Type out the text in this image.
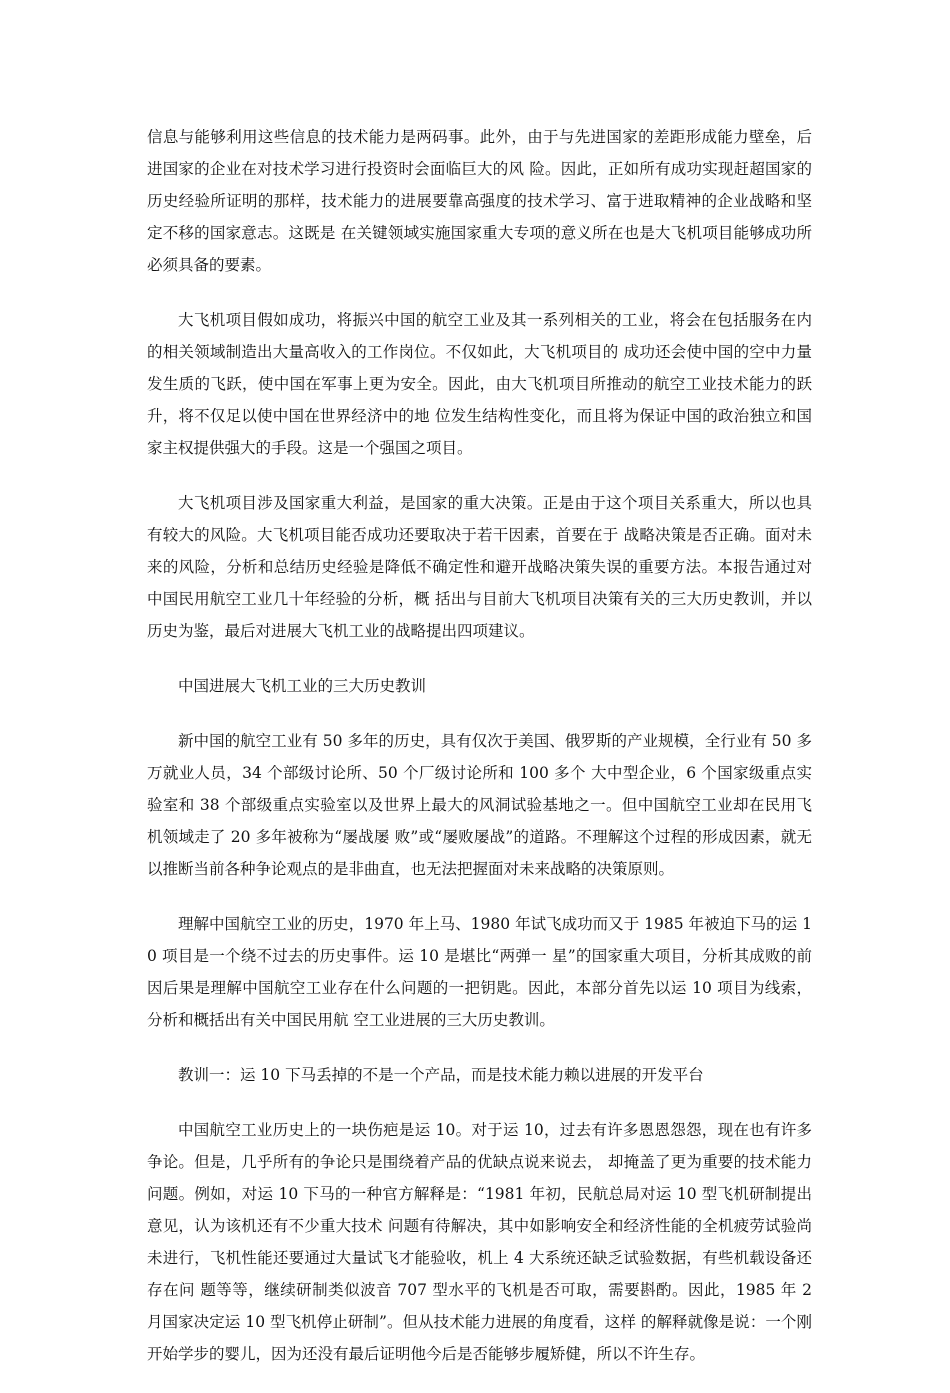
信息与能够利用这些信息的技术能力是两码事。此外，由于与先进国家的差距形成能力壁垒，后进国家的企业在对技术学习进行投资时会面临巨大的风 险。因此，正如所有成功实现赶超国家的历史经验所证明的那样，技术能力的进展要靠高强度的技术学习、富于进取精神的企业战略和坚定不移的国家意志。这既是 在关键领域实施国家重大专项的意义所在也是大飞机项目能够成功所必须具备的要素。

大飞机项目假如成功，将振兴中国的航空工业及其一系列相关的工业，将会在包括服务在内的相关领域制造出大量高收入的工作岗位。不仅如此，大飞机项目的 成功还会使中国的空中力量发生质的飞跃，使中国在军事上更为安全。因此，由大飞机项目所推动的航空工业技术能力的跃升，将不仅足以使中国在世界经济中的地 位发生结构性变化，而且将为保证中国的政治独立和国家主权提供强大的手段。这是一个强国之项目。

大飞机项目涉及国家重大利益，是国家的重大决策。正是由于这个项目关系重大，所以也具有较大的风险。大飞机项目能否成功还要取决于若干因素，首要在于 战略决策是否正确。面对未来的风险，分析和总结历史经验是降低不确定性和避开战略决策失误的重要方法。本报告通过对中国民用航空工业几十年经验的分析，概 括出与目前大飞机项目决策有关的三大历史教训，并以历史为鉴，最后对进展大飞机工业的战略提出四项建议。

中国进展大飞机工业的三大历史教训

新中国的航空工业有 50 多年的历史，具有仅次于美国、俄罗斯的产业规模，全行业有 50 多万就业人员，34 个部级讨论所、50 个厂级讨论所和 100 多个 大中型企业，6 个国家级重点实验室和 38 个部级重点实验室以及世界上最大的风洞试验基地之一。但中国航空工业却在民用飞机领域走了 20 多年被称为“屡战屡 败”或“屡败屡战”的道路。不理解这个过程的形成因素，就无以推断当前各种争论观点的是非曲直，也无法把握面对未来战略的决策原则。

理解中国航空工业的历史，1970 年上马、1980 年试飞成功而又于 1985 年被迫下马的运 10 项目是一个绕不过去的历史事件。运 10 是堪比“两弹一 星”的国家重大项目，分析其成败的前因后果是理解中国航空工业存在什么问题的一把钥匙。因此，本部分首先以运 10 项目为线索，分析和概括出有关中国民用航 空工业进展的三大历史教训。

教训一：运 10 下马丢掉的不是一个产品，而是技术能力赖以进展的开发平台

中国航空工业历史上的一块伤疤是运 10。对于运 10，过去有许多恩恩怨怨，现在也有许多争论。但是，几乎所有的争论只是围绕着产品的优缺点说来说去， 却掩盖了更为重要的技术能力问题。例如，对运 10 下马的一种官方解释是：“1981 年初，民航总局对运 10 型飞机研制提出意见，认为该机还有不少重大技术 问题有待解决，其中如影响安全和经济性能的全机疲劳试验尚未进行，飞机性能还要通过大量试飞才能验收，机上 4 大系统还缺乏试验数据，有些机载设备还存在问 题等等，继续研制类似波音 707 型水平的飞机是否可取，需要斟酌。因此，1985 年 2 月国家决定运 10 型飞机停止研制”。但从技术能力进展的角度看，这样 的解释就像是说：一个刚开始学步的婴儿，因为还没有最后证明他今后是否能够步履矫健，所以不许生存。
